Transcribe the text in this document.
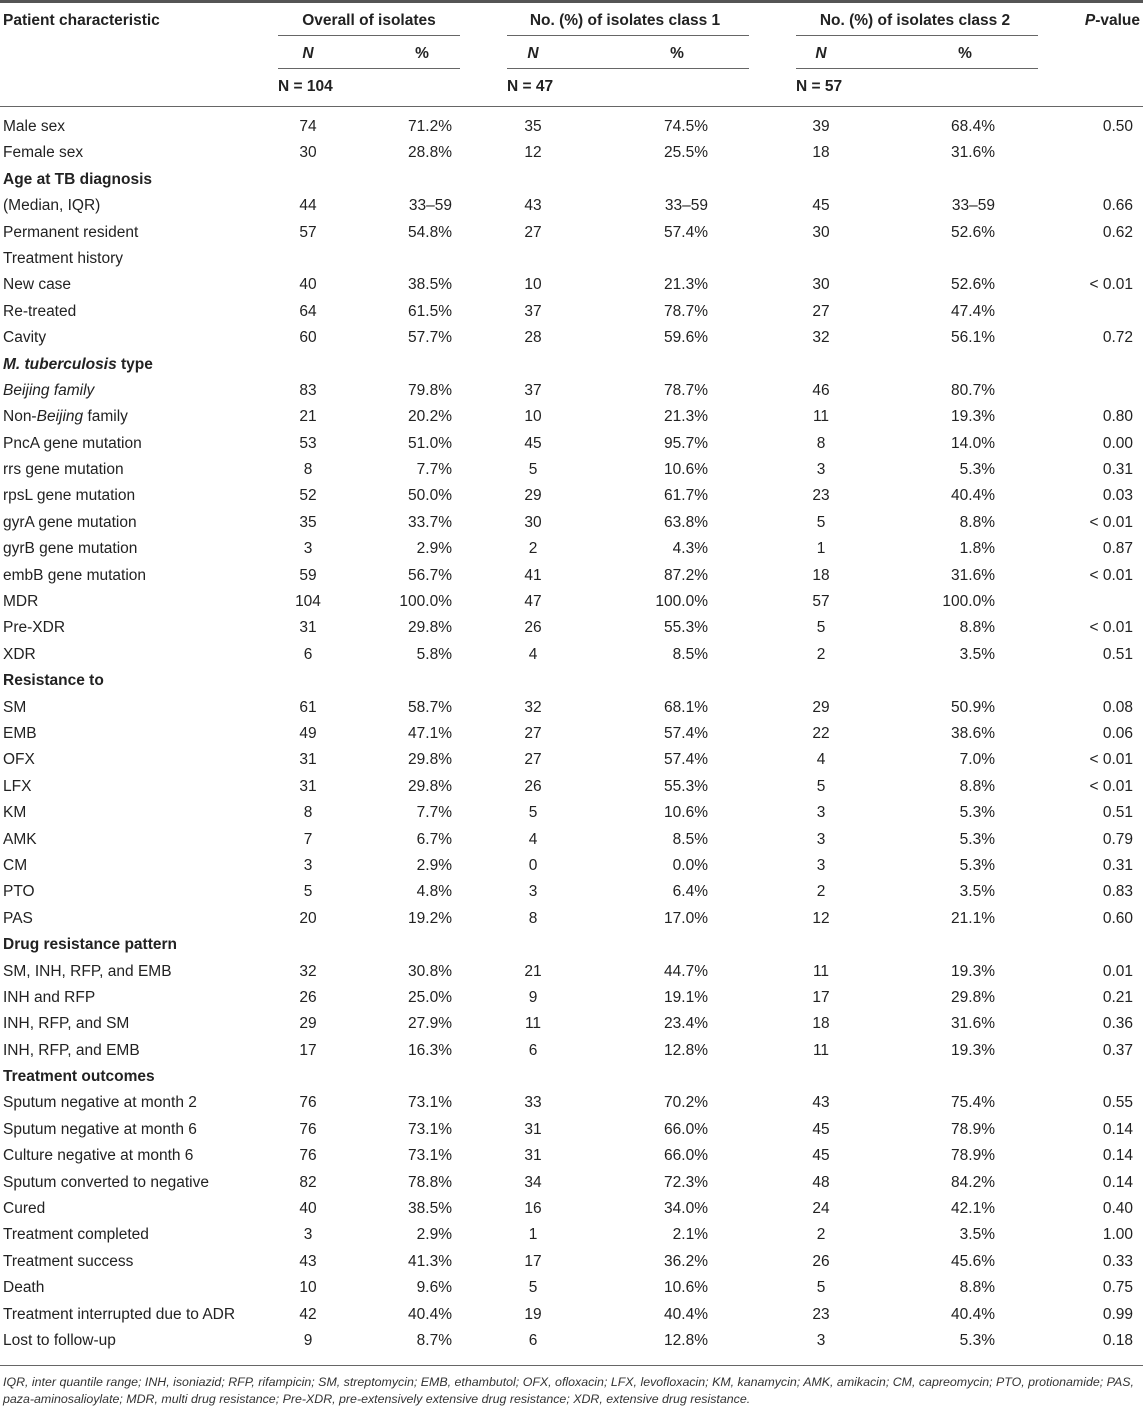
Patient characteristic	Overall of isolates	No. (%) of isolates class 1	No. (%) of isolates class 2	P-value
N	%	N	%	N	%
N = 104	N = 47	N = 57
Male sex	74	71.2%	35	74.5%	39	68.4%	0.50
Female sex	30	28.8%	12	25.5%	18	31.6%
Age at TB diagnosis
(Median, IQR)	44	33–59	43	33–59	45	33–59	0.66
Permanent resident	57	54.8%	27	57.4%	30	52.6%	0.62
Treatment history
New case	40	38.5%	10	21.3%	30	52.6%	< 0.01
Re-treated	64	61.5%	37	78.7%	27	47.4%
Cavity	60	57.7%	28	59.6%	32	56.1%	0.72
M. tuberculosis type
Beijing family	83	79.8%	37	78.7%	46	80.7%
Non-Beijing family	21	20.2%	10	21.3%	11	19.3%	0.80
PncA gene mutation	53	51.0%	45	95.7%	8	14.0%	0.00
rrs gene mutation	8	7.7%	5	10.6%	3	5.3%	0.31
rpsL gene mutation	52	50.0%	29	61.7%	23	40.4%	0.03
gyrA gene mutation	35	33.7%	30	63.8%	5	8.8%	< 0.01
gyrB gene mutation	3	2.9%	2	4.3%	1	1.8%	0.87
embB gene mutation	59	56.7%	41	87.2%	18	31.6%	< 0.01
MDR	104	100.0%	47	100.0%	57	100.0%
Pre-XDR	31	29.8%	26	55.3%	5	8.8%	< 0.01
XDR	6	5.8%	4	8.5%	2	3.5%	0.51
Resistance to
SM	61	58.7%	32	68.1%	29	50.9%	0.08
EMB	49	47.1%	27	57.4%	22	38.6%	0.06
OFX	31	29.8%	27	57.4%	4	7.0%	< 0.01
LFX	31	29.8%	26	55.3%	5	8.8%	< 0.01
KM	8	7.7%	5	10.6%	3	5.3%	0.51
AMK	7	6.7%	4	8.5%	3	5.3%	0.79
CM	3	2.9%	0	0.0%	3	5.3%	0.31
PTO	5	4.8%	3	6.4%	2	3.5%	0.83
PAS	20	19.2%	8	17.0%	12	21.1%	0.60
Drug resistance pattern
SM, INH, RFP, and EMB	32	30.8%	21	44.7%	11	19.3%	0.01
INH and RFP	26	25.0%	9	19.1%	17	29.8%	0.21
INH, RFP, and SM	29	27.9%	11	23.4%	18	31.6%	0.36
INH, RFP, and EMB	17	16.3%	6	12.8%	11	19.3%	0.37
Treatment outcomes
Sputum negative at month 2	76	73.1%	33	70.2%	43	75.4%	0.55
Sputum negative at month 6	76	73.1%	31	66.0%	45	78.9%	0.14
Culture negative at month 6	76	73.1%	31	66.0%	45	78.9%	0.14
Sputum converted to negative	82	78.8%	34	72.3%	48	84.2%	0.14
Cured	40	38.5%	16	34.0%	24	42.1%	0.40
Treatment completed	3	2.9%	1	2.1%	2	3.5%	1.00
Treatment success	43	41.3%	17	36.2%	26	45.6%	0.33
Death	10	9.6%	5	10.6%	5	8.8%	0.75
Treatment interrupted due to ADR	42	40.4%	19	40.4%	23	40.4%	0.99
Lost to follow-up	9	8.7%	6	12.8%	3	5.3%	0.18
IQR, inter quantile range; INH, isoniazid; RFP, rifampicin; SM, streptomycin; EMB, ethambutol; OFX, ofloxacin; LFX, levofloxacin; KM, kanamycin; AMK, amikacin; CM, capreomycin; PTO, protionamide; PAS, paza-aminosalioylate; MDR, multi drug resistance; Pre-XDR, pre-extensively extensive drug resistance; XDR, extensive drug resistance.
